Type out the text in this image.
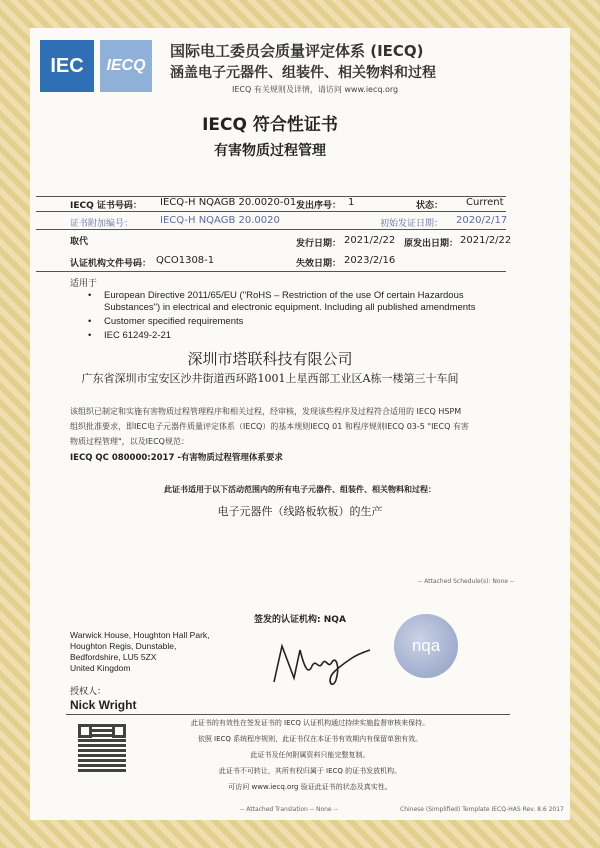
IEC	IECQ
国际电工委员会质量评定体系 (IECQ)
涵盖电子元器件、组装件、相关物料和过程
IECQ 有关规则及详情，请访问 www.iecq.org
IECQ 符合性证书
有害物质过程管理
IECQ 证书号码： IECQ-H NQAGB 20.0020-01 发出序号： 1	状态： Current
证书附加编号：	IECQ-H NQAGB 20.0020	初始发证日期： 2020/2/17
取代	发行日期： 2021/2/22 原发出日期： 2021/2/22
认证机构文件号码： QCO1308-1	失效日期： 2023/2/16
适用于
• European Directive 2011/65/EU ("RoHS – Restriction of the use Of certain Hazardous
Substances") in electrical and electronic equipment. Including all published amendments
• Customer specified requirements
• IEC 61249-2-21
深圳市塔联科技有限公司
广东省深圳市宝安区沙井街道西环路1001上星西部工业区A栋一楼第三十车间
该组织已制定和实施有害物质过程管理程序和相关过程，经审核，发现该些程序及过程符合适用的 IECQ HSPM
组织批准要求，即IEC电子元器件质量评定体系（IECQ）的基本规则IECQ 01 和程序规则IECQ 03-5 "IECQ 有害
物质过程管理"，以及IECQ规范：
IECQ QC 080000:2017 -有害物质过程管理体系要求
此证书适用于以下活动范围内的所有电子元器件、组装件、相关物料和过程：
电子元器件（线路板软板）的生产
-- Attached Schedule(s): None --
签发的认证机构: NQA
Warwick House, Houghton Hall Park,
Houghton Regis, Dunstable,
Bedfordshire, LU5 5ZX
United Kingdom
nqa
授权人：
Nick Wright
此证书的有效性在签发证书的 IECQ 认证机构通过持续实施监督审核来保持。
依照 IECQ 系统程序规则，此证书仅在本证书有效期内有保留单独有效。
此证书及任何附属资料只能完整复制。
此证书不可转让，其所有权归属于 IECQ 的证书发放机构。
可访问 www.iecq.org 验证此证书的状态及真实性。
-- Attached Translation -- None --	Chinese (Simplified) Template IECQ-HAS Rev. 8.6 2017
